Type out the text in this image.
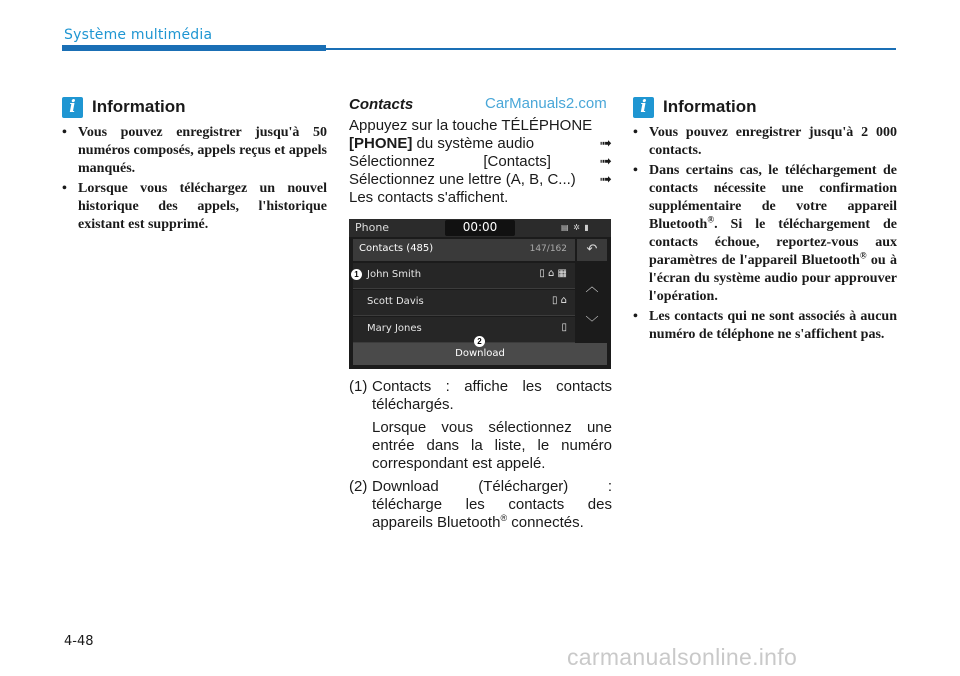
Système multimédia
i Information
• Vous pouvez enregistrer jusqu'à 50 numéros composés, appels reçus et appels manqués.
• Lorsque vous téléchargez un nouvel historique des appels, l'historique existant est supprimé.
Contacts	CarManuals2.com
Appuyez sur la touche TÉLÉPHONE
[PHONE] du système audio	➟
Sélectionnez	[Contacts]	➟
Sélectionnez une lettre (A, B, C...) ➟
Les contacts s'affichent.
Phone	00:00	▤ ✲ ▮
Contacts (485)	147/162	↶
John Smith	▯ ⌂ ▦
Scott Davis	▯ ⌂
Mary Jones	▯
︿
﹀
Download
1
2
(1) Contacts : affiche les contacts téléchargés.
Lorsque vous sélectionnez une entrée dans la liste, le numéro correspondant est appelé.
(2) Download (Télécharger) : télécharge les contacts des appareils Bluetooth® connectés.
i Information
• Vous pouvez enregistrer jusqu'à 2 000 contacts.
• Dans certains cas, le téléchargement de contacts nécessite une confirmation supplémentaire de votre appareil Bluetooth®. Si le téléchargement de contacts échoue, reportez-vous aux paramètres de l'appareil Bluetooth® ou à l'écran du système audio pour approuver l'opération.
• Les contacts qui ne sont associés à aucun numéro de téléphone ne s'affichent pas.
4-48
carmanualsonline.info
